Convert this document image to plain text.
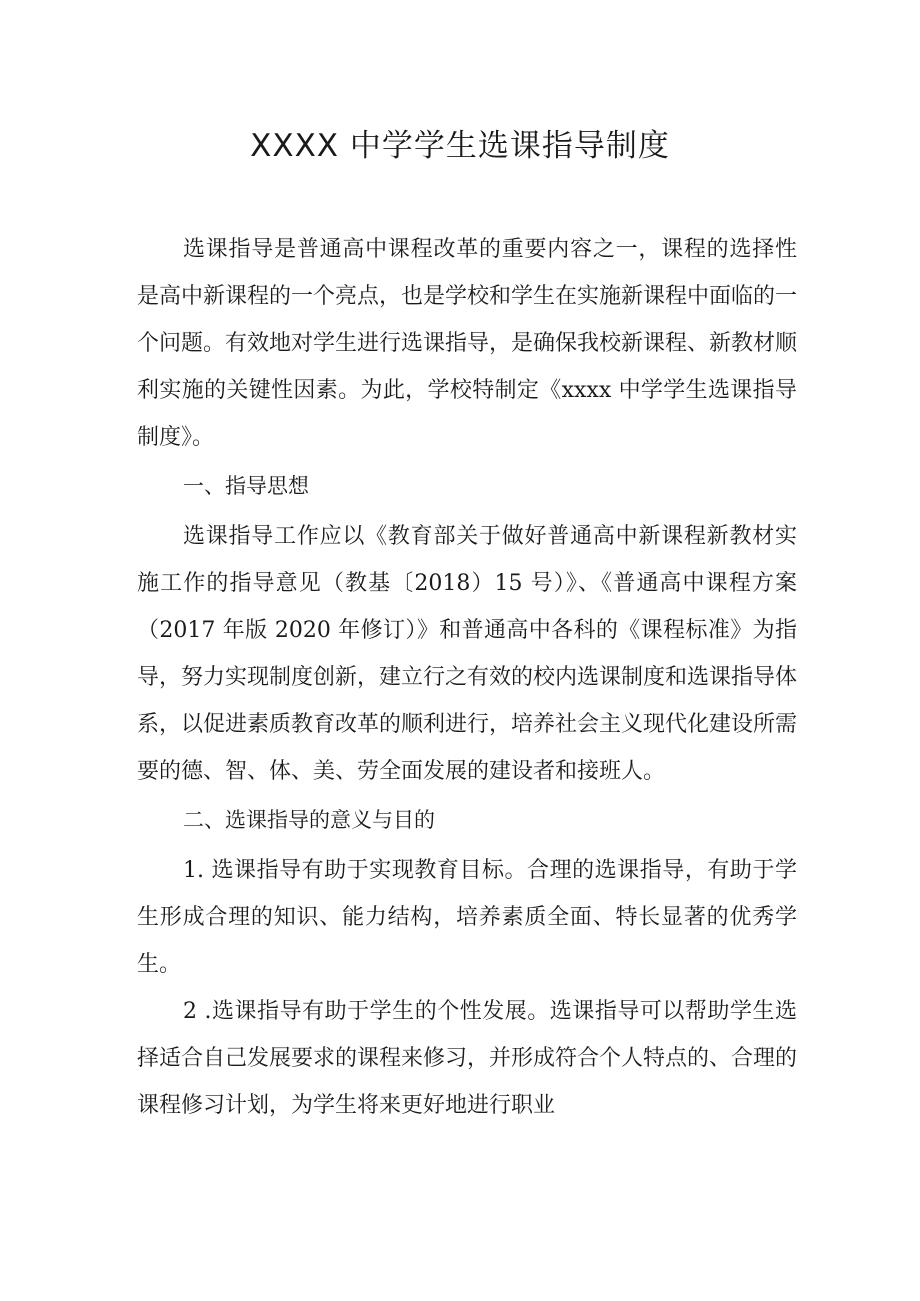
XXXX 中学学生选课指导制度

选课指导是普通高中课程改革的重要内容之一，课程的选择性是高中新课程的一个亮点，也是学校和学生在实施新课程中面临的一个问题。有效地对学生进行选课指导，是确保我校新课程、新教材顺利实施的关键性因素。为此，学校特制定《xxxx 中学学生选课指导制度》。

一、指导思想

选课指导工作应以《教育部关于做好普通高中新课程新教材实施工作的指导意见（教基〔2018）15 号）》、《普通高中课程方案（2017 年版 2020 年修订）》和普通高中各科的《课程标准》为指导，努力实现制度创新，建立行之有效的校内选课制度和选课指导体系，以促进素质教育改革的顺利进行，培养社会主义现代化建设所需要的德、智、体、美、劳全面发展的建设者和接班人。

二、选课指导的意义与目的

1. 选课指导有助于实现教育目标。合理的选课指导，有助于学生形成合理的知识、能力结构，培养素质全面、特长显著的优秀学生。

2 .选课指导有助于学生的个性发展。选课指导可以帮助学生选择适合自己发展要求的课程来修习，并形成符合个人特点的、合理的课程修习计划，为学生将来更好地进行职业
